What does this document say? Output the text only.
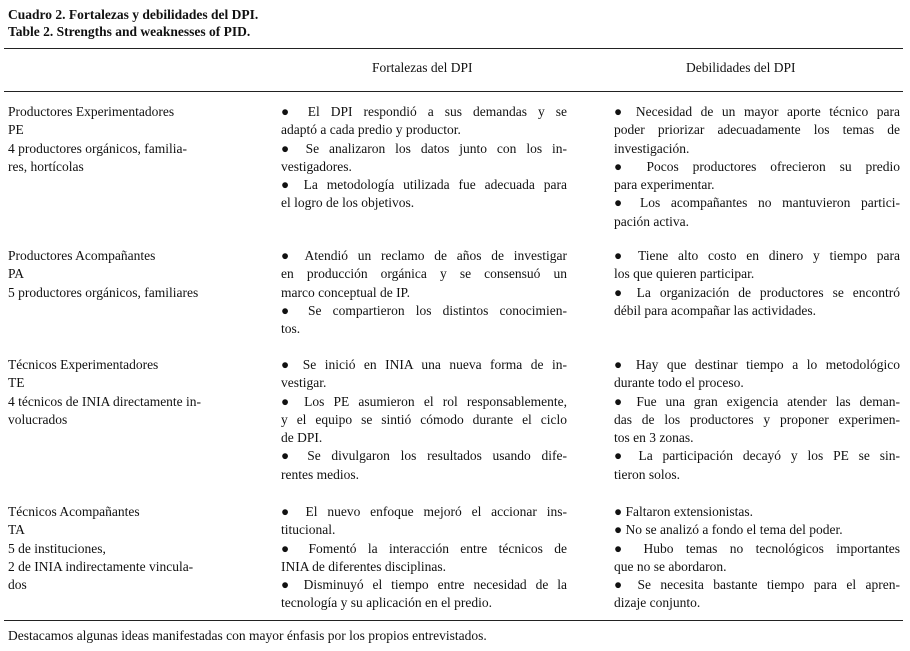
Cuadro 2. Fortalezas y debilidades del DPI.
Table 2. Strengths and weaknesses of PID.
Fortalezas del DPI	Debilidades del DPI
Productores Experimentadores
PE
4 productores orgánicos, familia-
res, hortícolas
● El DPI respondió a sus demandas y se
adaptó a cada predio y productor.
● Se analizaron los datos junto con los in-
vestigadores.
● La metodología utilizada fue adecuada para
el logro de los objetivos.
● Necesidad de un mayor aporte técnico para
poder priorizar adecuadamente los temas de
investigación.
● Pocos productores ofrecieron su predio
para experimentar.
● Los acompañantes no mantuvieron partici-
pación activa.
Productores Acompañantes
PA
5 productores orgánicos, familiares
● Atendió un reclamo de años de investigar
en producción orgánica y se consensuó un
marco conceptual de IP.
● Se compartieron los distintos conocimien-
tos.
● Tiene alto costo en dinero y tiempo para
los que quieren participar.
● La organización de productores se encontró
débil para acompañar las actividades.
Técnicos Experimentadores
TE
4 técnicos de INIA directamente in-
volucrados
● Se inició en INIA una nueva forma de in-
vestigar.
● Los PE asumieron el rol responsablemente,
y el equipo se sintió cómodo durante el ciclo
de DPI.
● Se divulgaron los resultados usando dife-
rentes medios.
● Hay que destinar tiempo a lo metodológico
durante todo el proceso.
● Fue una gran exigencia atender las deman-
das de los productores y proponer experimen-
tos en 3 zonas.
● La participación decayó y los PE se sin-
tieron solos.
Técnicos Acompañantes
TA
5 de instituciones,
2 de INIA indirectamente vincula-
dos
● El nuevo enfoque mejoró el accionar ins-
titucional.
● Fomentó la interacción entre técnicos de
INIA de diferentes disciplinas.
● Disminuyó el tiempo entre necesidad de la
tecnología y su aplicación en el predio.
● Faltaron extensionistas.
● No se analizó a fondo el tema del poder.
● Hubo temas no tecnológicos importantes
que no se abordaron.
● Se necesita bastante tiempo para el apren-
dizaje conjunto.
Destacamos algunas ideas manifestadas con mayor énfasis por los propios entrevistados.
